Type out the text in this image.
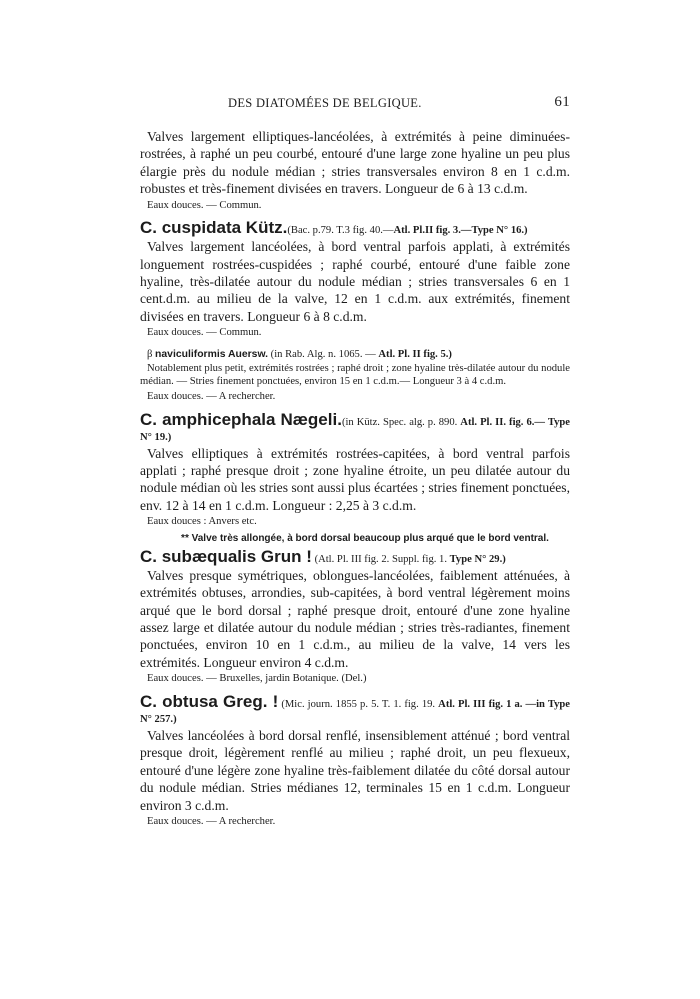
DES DIATOMÉES DE BELGIQUE.	61

Valves largement elliptiques-lancéolées, à extrémités à peine diminuées-rostrées, à raphé un peu courbé, entouré d'une large zone hyaline un peu plus élargie près du nodule médian ; stries transversales environ 8 en 1 c.d.m. robustes et très-finement divisées en travers. Longueur de 6 à 13 c.d.m.

Eaux douces. — Commun.

C. cuspidata Kütz.(Bac. p.79. T.3 fig. 40.—Atl. Pl.II fig. 3.—Type N° 16.)

Valves largement lancéolées, à bord ventral parfois applati, à extrémités longuement rostrées-cuspidées ; raphé courbé, entouré d'une faible zone hyaline, très-dilatée autour du nodule médian ; stries transversales 6 en 1 cent.d.m. au milieu de la valve, 12 en 1 c.d.m. aux extrémités, finement divisées en travers. Longueur 6 à 8 c.d.m.

Eaux douces. — Commun.

β naviculiformis Auersw. (in Rab. Alg. n. 1065. — Atl. Pl. II fig. 5.)

Notablement plus petit, extrémités rostrées ; raphé droit ; zone hyaline très-dilatée autour du nodule médian. — Stries finement ponctuées, environ 15 en 1 c.d.m.— Longueur 3 à 4 c.d.m.

Eaux douces. — A rechercher.

C. amphicephala Nægeli.(in Kütz. Spec. alg. p. 890. Atl. Pl. II. fig. 6.— Type N° 19.)

Valves elliptiques à extrémités rostrées-capitées, à bord ventral parfois applati ; raphé presque droit ; zone hyaline étroite, un peu dilatée autour du nodule médian où les stries sont aussi plus écartées ; stries finement ponctuées, env. 12 à 14 en 1 c.d.m. Longueur : 2,25 à 3 c.d.m.

Eaux douces : Anvers etc.

** Valve très allongée, à bord dorsal beaucoup plus arqué que le bord ventral.

C. subæqualis Grun ! (Atl. Pl. III fig. 2. Suppl. fig. 1. Type N° 29.)

Valves presque symétriques, oblongues-lancéolées, faiblement atténuées, à extrémités obtuses, arrondies, sub-capitées, à bord ventral légèrement moins arqué que le bord dorsal ; raphé presque droit, entouré d'une zone hyaline assez large et dilatée autour du nodule médian ; stries très-radiantes, finement ponctuées, environ 10 en 1 c.d.m., au milieu de la valve, 14 vers les extrémités. Longueur environ 4 c.d.m.

Eaux douces. — Bruxelles, jardin Botanique. (Del.)

C. obtusa Greg. ! (Mic. journ. 1855 p. 5. T. 1. fig. 19. Atl. Pl. III fig. 1 a. —in Type N° 257.)

Valves lancéolées à bord dorsal renflé, insensiblement atténué ; bord ventral presque droit, légèrement renflé au milieu ; raphé droit, un peu flexueux, entouré d'une légère zone hyaline très-faiblement dilatée du côté dorsal autour du nodule médian. Stries médianes 12, terminales 15 en 1 c.d.m. Longueur environ 3 c.d.m.

Eaux douces. — A rechercher.
